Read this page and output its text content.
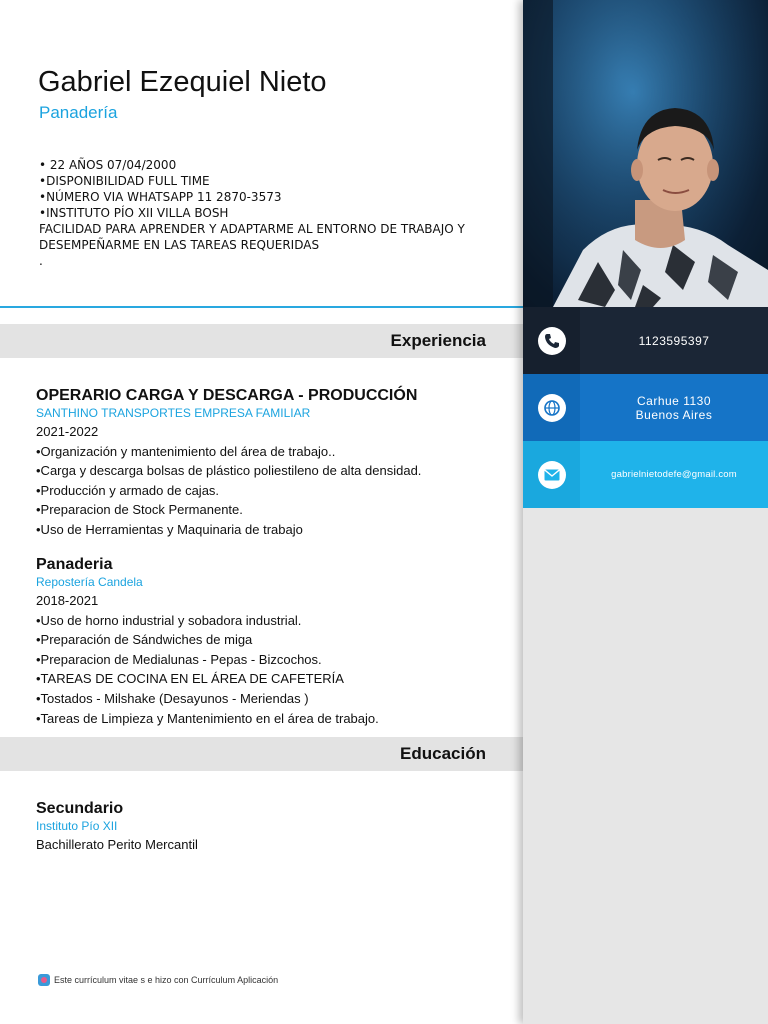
Gabriel Ezequiel Nieto
Panadería
• 22 AÑOS 07/04/2000
•DISPONIBILIDAD FULL TIME
•NÚMERO VIA WHATSAPP 11 2870-3573
•INSTITUTO PÍO XII VILLA BOSH
FACILIDAD PARA APRENDER Y ADAPTARME AL ENTORNO DE TRABAJO Y DESEMPEÑARME EN LAS TAREAS REQUERIDAS
.
Experiencia
OPERARIO CARGA Y DESCARGA - PRODUCCIÓN
SANTHINO TRANSPORTES EMPRESA FAMILIAR
2021-2022
•Organización y mantenimiento del área de trabajo..
•Carga y descarga bolsas de plástico poliestileno de alta densidad.
•Producción y armado de cajas.
•Preparacion de Stock Permanente.
•Uso de Herramientas y Maquinaria de trabajo
Panaderia
Repostería Candela
2018-2021
•Uso de horno industrial y sobadora industrial.
•Preparación de Sándwiches de miga
•Preparacion de Medialunas - Pepas - Bizcochos.
•TAREAS DE COCINA EN EL ÁREA DE CAFETERÍA
•Tostados - Milshake (Desayunos - Meriendas )
•Tareas de Limpieza y Mantenimiento en el área de trabajo.
Educación
Secundario
Instituto Pío XII
Bachillerato Perito Mercantil
Este currículum vitae s e hizo con Currículum Aplicación
1123595397
Carhue 1130
Buenos Aires
gabrielnietodefe@gmail.com
